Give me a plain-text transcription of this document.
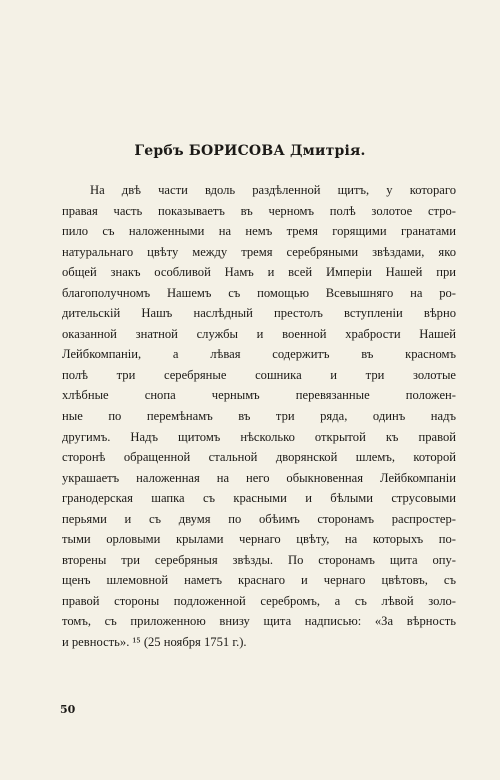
Гербъ БОРИСОВА Дмитрія.
На двѣ части вдоль раздѣленной щитъ, у котораго
правая часть показываетъ въ черномъ полѣ золотое стро-
пило съ наложенными на немъ тремя горящими гранатами
натуральнаго цвѣту между тремя серебряными звѣздами, яко
общей знакъ особливой Намъ и всей Имперіи Нашей при
благополучномъ Нашемъ съ помощью Всевышняго на ро-
дительскій Нашъ наслѣдный престолъ вступленіи вѣрно
оказанной знатной службы и военной храбрости Нашей
Лейбкомпаніи, а лѣвая содержитъ въ красномъ
полѣ три серебряные сошника и три золотые
хлѣбные снопа чернымъ перевязанные положен-
ные по перемѣнамъ въ три ряда, одинъ надъ
другимъ. Надъ щитомъ нѣсколько открытой къ правой
сторонѣ обращенной стальной дворянской шлемъ, которой
украшаетъ наложенная на него обыкновенная Лейбкомпаніи
гранодерская шапка съ красными и бѣлыми струсовыми
перьями и съ двумя по обѣимъ сторонамъ распростер-
тыми орловыми крылами чернаго цвѣту, на которыхъ по-
вторены три серебряныя звѣзды. По сторонамъ щита опу-
щенъ шлемовной наметъ краснаго и чернаго цвѣтовъ, съ
правой стороны подложенной серебромъ, а съ лѣвой золо-
томъ, съ приложенною внизу щита надписью: «За вѣрность
и ревность». ¹⁵ (25 ноября 1751 г.).
50
